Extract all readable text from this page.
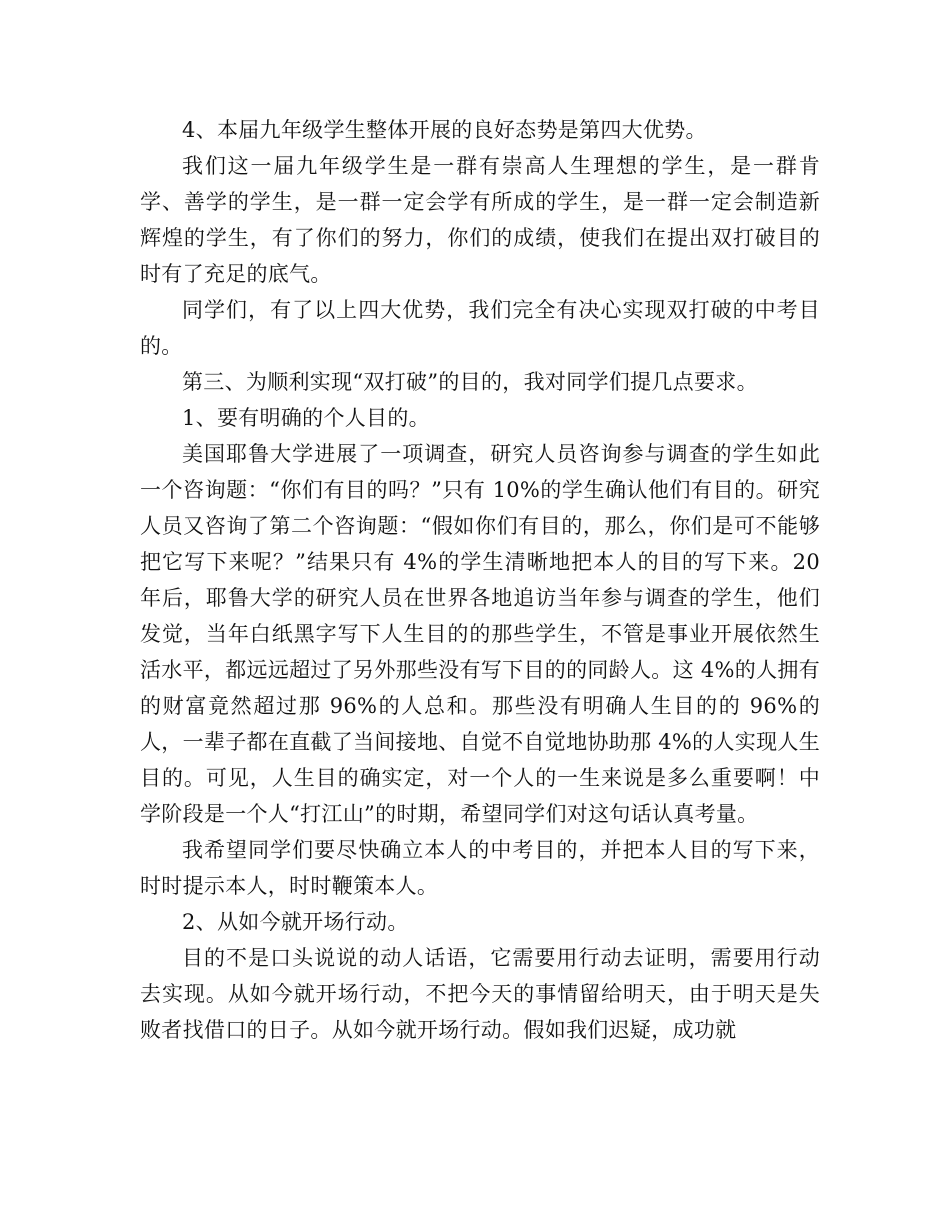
4、本届九年级学生整体开展的良好态势是第四大优势。

我们这一届九年级学生是一群有崇高人生理想的学生，是一群肯学、善学的学生，是一群一定会学有所成的学生，是一群一定会制造新辉煌的学生，有了你们的努力，你们的成绩，使我们在提出双打破目的时有了充足的底气。

同学们，有了以上四大优势，我们完全有决心实现双打破的中考目的。

第三、为顺利实现“双打破”的目的，我对同学们提几点要求。

1、要有明确的个人目的。

美国耶鲁大学进展了一项调查，研究人员咨询参与调查的学生如此一个咨询题：“你们有目的吗？”只有 10%的学生确认他们有目的。研究人员又咨询了第二个咨询题：“假如你们有目的，那么，你们是可不能够把它写下来呢？”结果只有 4%的学生清晰地把本人的目的写下来。20 年后，耶鲁大学的研究人员在世界各地追访当年参与调查的学生，他们发觉，当年白纸黑字写下人生目的的那些学生，不管是事业开展依然生活水平，都远远超过了另外那些没有写下目的的同龄人。这 4%的人拥有的财富竟然超过那 96%的人总和。那些没有明确人生目的的 96%的人，一辈子都在直截了当间接地、自觉不自觉地协助那 4%的人实现人生目的。可见，人生目的确实定，对一个人的一生来说是多么重要啊！中学阶段是一个人“打江山”的时期，希望同学们对这句话认真考量。

我希望同学们要尽快确立本人的中考目的，并把本人目的写下来，时时提示本人，时时鞭策本人。

2、从如今就开场行动。

目的不是口头说说的动人话语，它需要用行动去证明，需要用行动去实现。从如今就开场行动，不把今天的事情留给明天，由于明天是失败者找借口的日子。从如今就开场行动。假如我们迟疑，成功就
